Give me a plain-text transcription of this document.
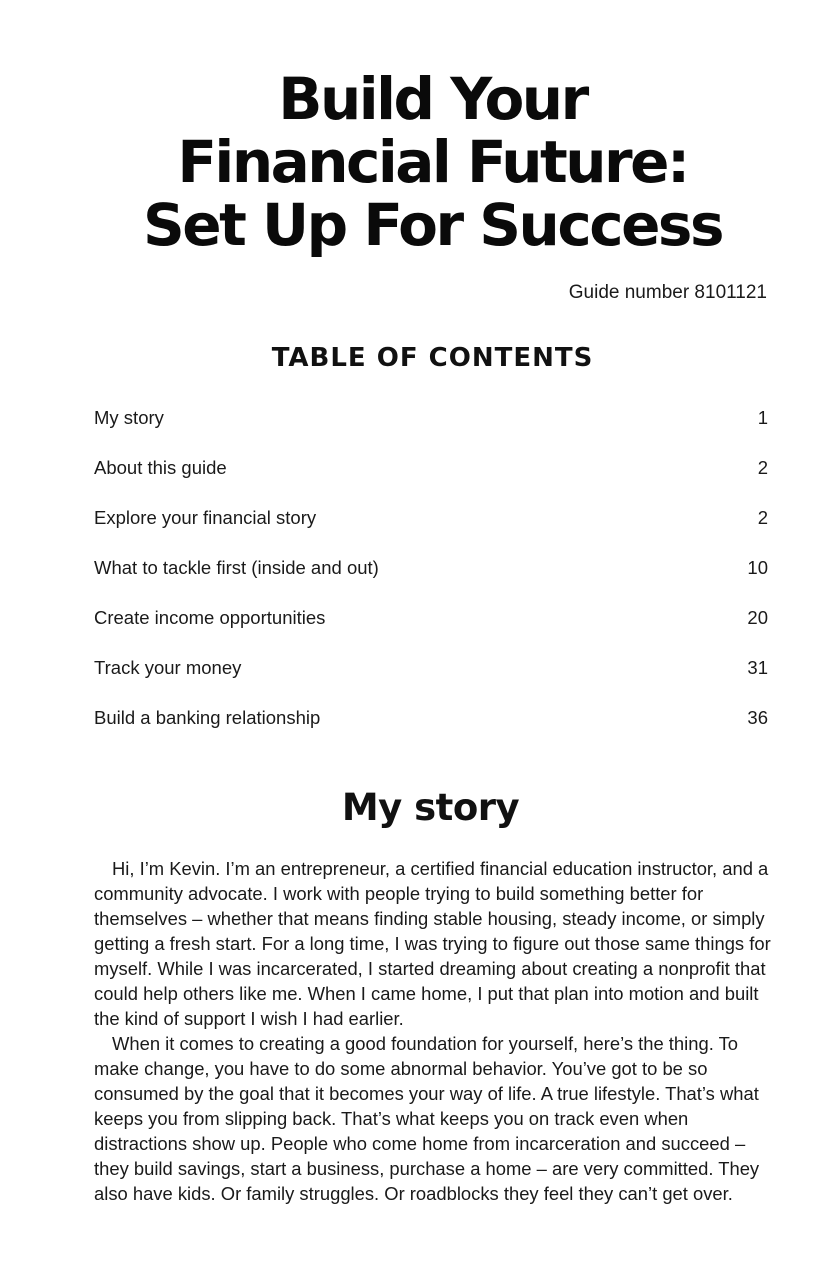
Build Your
Financial Future:
Set Up For Success
Guide number 8101121
TABLE OF CONTENTS
My story	1
About this guide	2
Explore your financial story	2
What to tackle first (inside and out)	10
Create income opportunities	20
Track your money	31
Build a banking relationship	36
My story

Hi, I’m Kevin. I’m an entrepreneur, a certified financial education instructor, and a community advocate. I work with people trying to build something better for themselves – whether that means finding stable housing, steady income, or simply getting a fresh start. For a long time, I was trying to figure out those same things for myself. While I was incarcerated, I started dreaming about creating a nonprofit that could help others like me. When I came home, I put that plan into motion and built the kind of support I wish I had earlier.

When it comes to creating a good foundation for yourself, here’s the thing. To make change, you have to do some abnormal behavior. You’ve got to be so consumed by the goal that it becomes your way of life. A true lifestyle. That’s what keeps you from slipping back. That’s what keeps you on track even when distractions show up. People who come home from incarceration and succeed – they build savings, start a business, purchase a home – are very committed. They also have kids. Or family struggles. Or roadblocks they feel they can’t get over.
